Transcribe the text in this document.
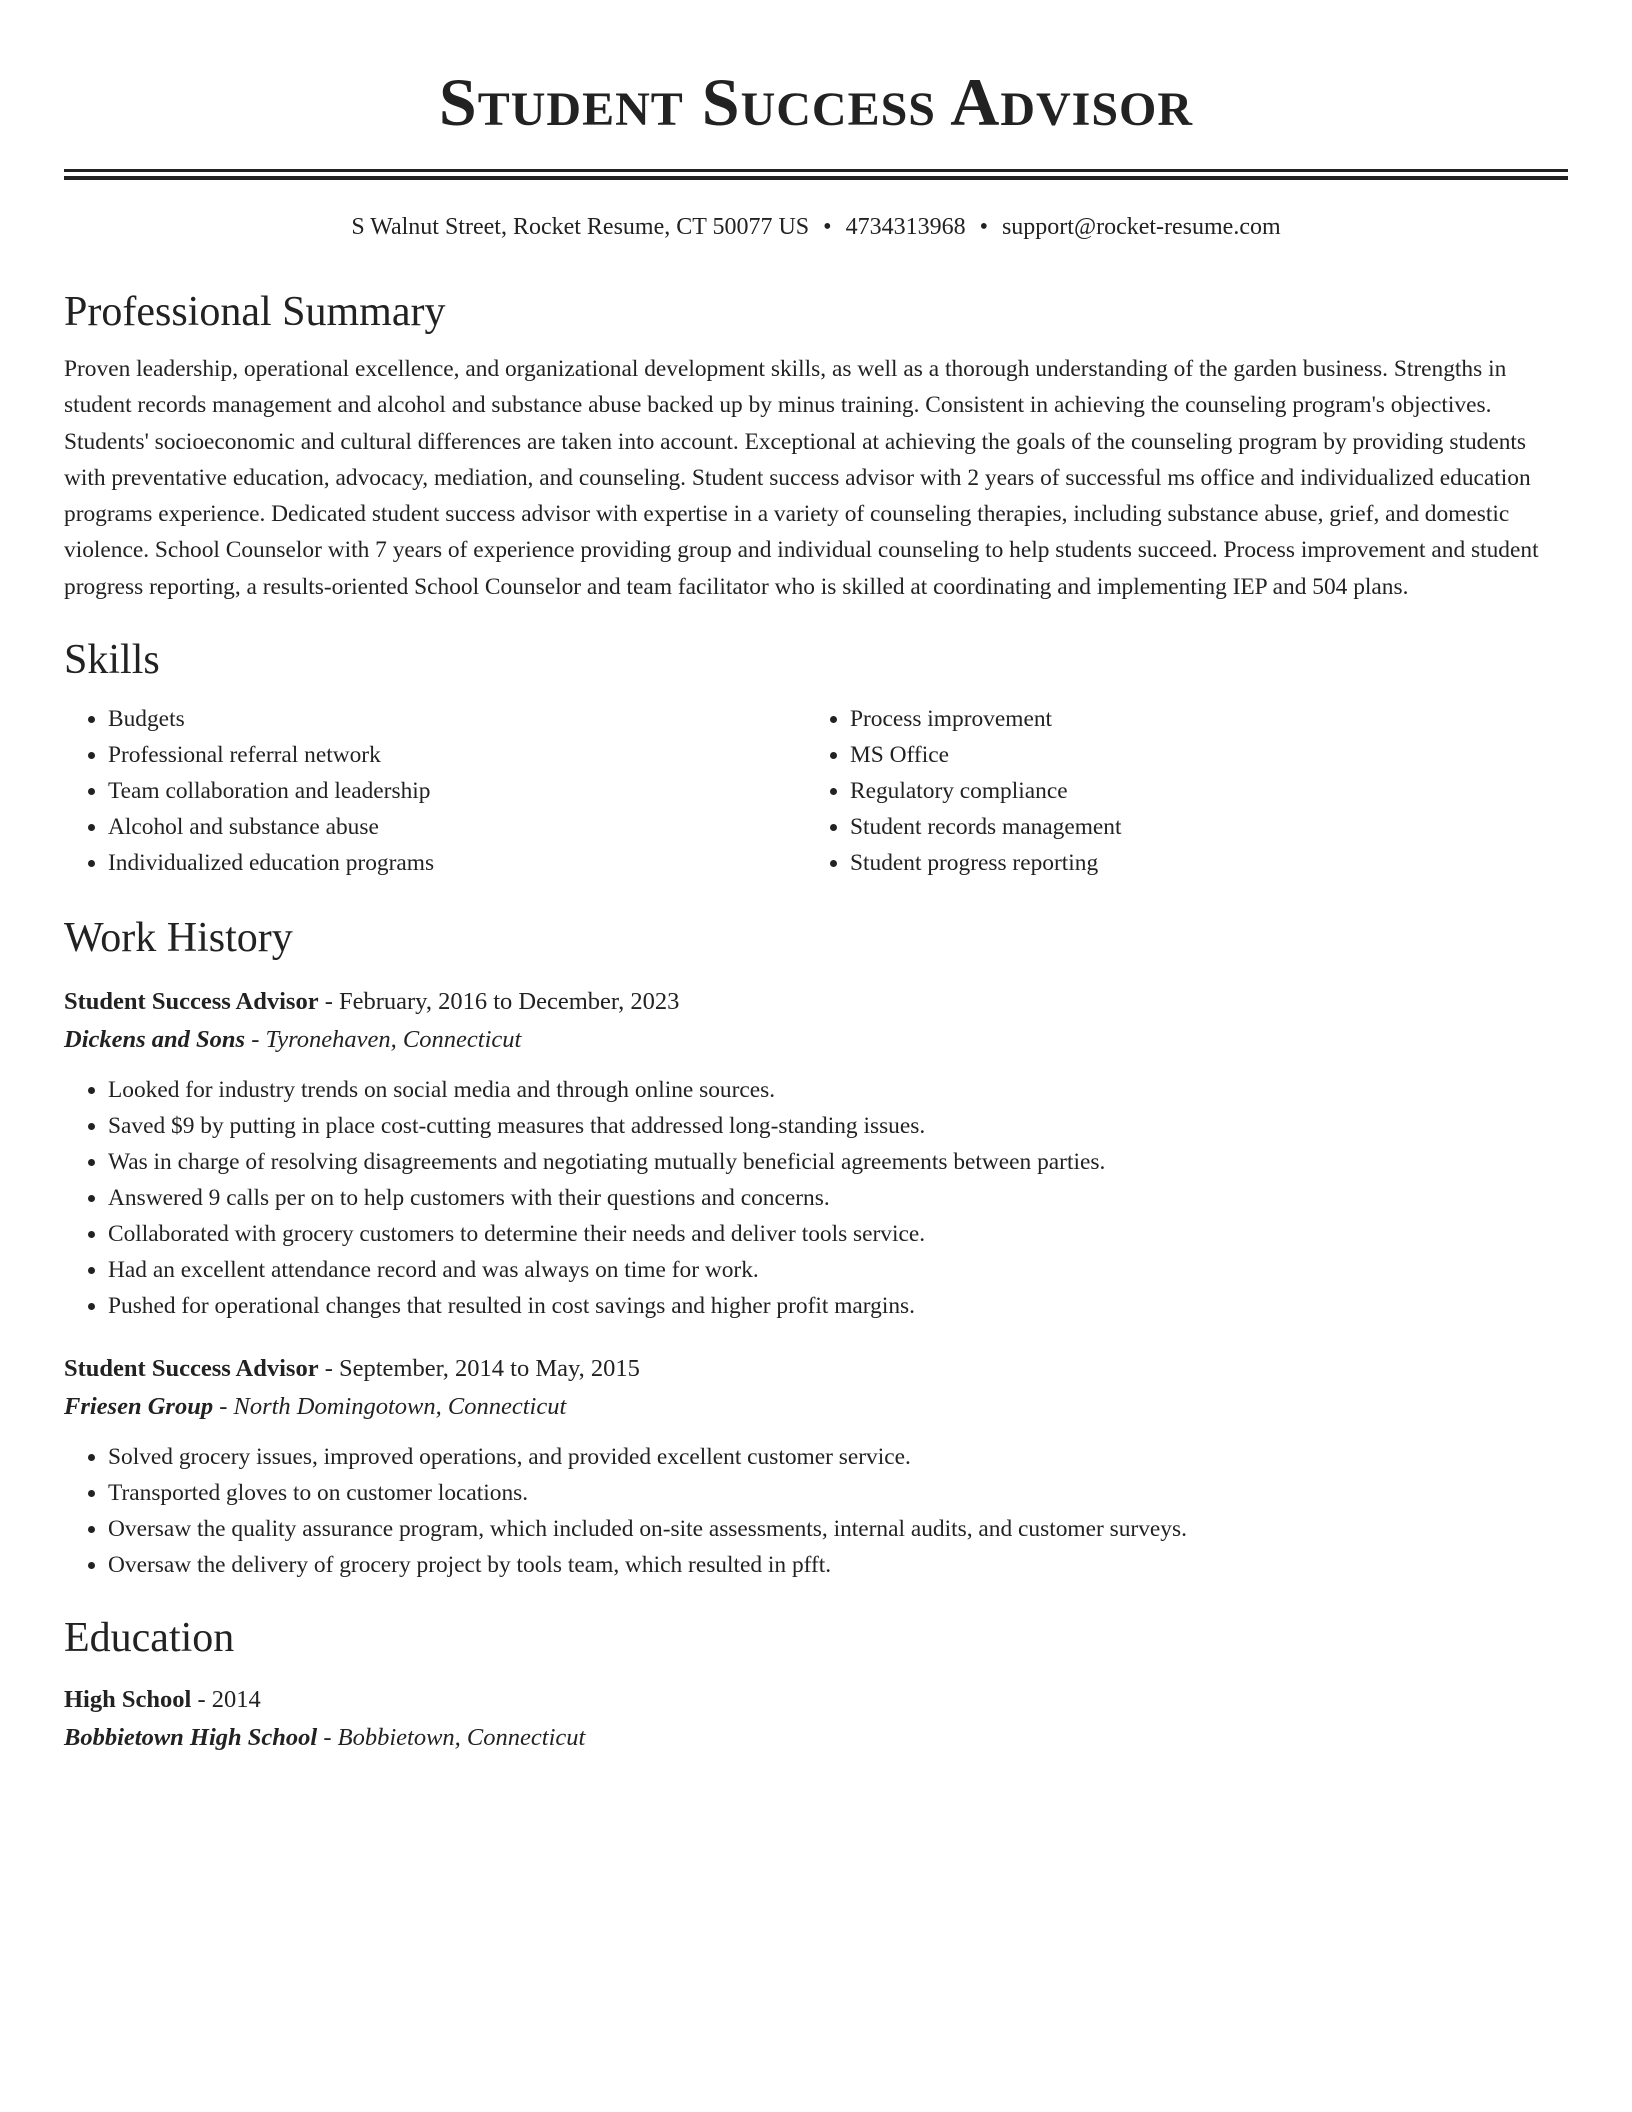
Student Success Advisor
S Walnut Street, Rocket Resume, CT 50077 US • 4734313968 • support@rocket-resume.com
Professional Summary
Proven leadership, operational excellence, and organizational development skills, as well as a thorough understanding of the garden business. Strengths in student records management and alcohol and substance abuse backed up by minus training. Consistent in achieving the counseling program's objectives. Students' socioeconomic and cultural differences are taken into account. Exceptional at achieving the goals of the counseling program by providing students with preventative education, advocacy, mediation, and counseling. Student success advisor with 2 years of successful ms office and individualized education programs experience. Dedicated student success advisor with expertise in a variety of counseling therapies, including substance abuse, grief, and domestic violence. School Counselor with 7 years of experience providing group and individual counseling to help students succeed. Process improvement and student progress reporting, a results-oriented School Counselor and team facilitator who is skilled at coordinating and implementing IEP and 504 plans.
Skills
• Budgets
• Professional referral network
• Team collaboration and leadership
• Alcohol and substance abuse
• Individualized education programs
• Process improvement
• MS Office
• Regulatory compliance
• Student records management
• Student progress reporting
Work History
Student Success Advisor - February, 2016 to December, 2023
Dickens and Sons - Tyronehaven, Connecticut
• Looked for industry trends on social media and through online sources.
• Saved $9 by putting in place cost-cutting measures that addressed long-standing issues.
• Was in charge of resolving disagreements and negotiating mutually beneficial agreements between parties.
• Answered 9 calls per on to help customers with their questions and concerns.
• Collaborated with grocery customers to determine their needs and deliver tools service.
• Had an excellent attendance record and was always on time for work.
• Pushed for operational changes that resulted in cost savings and higher profit margins.
Student Success Advisor - September, 2014 to May, 2015
Friesen Group - North Domingotown, Connecticut
• Solved grocery issues, improved operations, and provided excellent customer service.
• Transported gloves to on customer locations.
• Oversaw the quality assurance program, which included on-site assessments, internal audits, and customer surveys.
• Oversaw the delivery of grocery project by tools team, which resulted in pfft.
Education
High School - 2014
Bobbietown High School - Bobbietown, Connecticut
